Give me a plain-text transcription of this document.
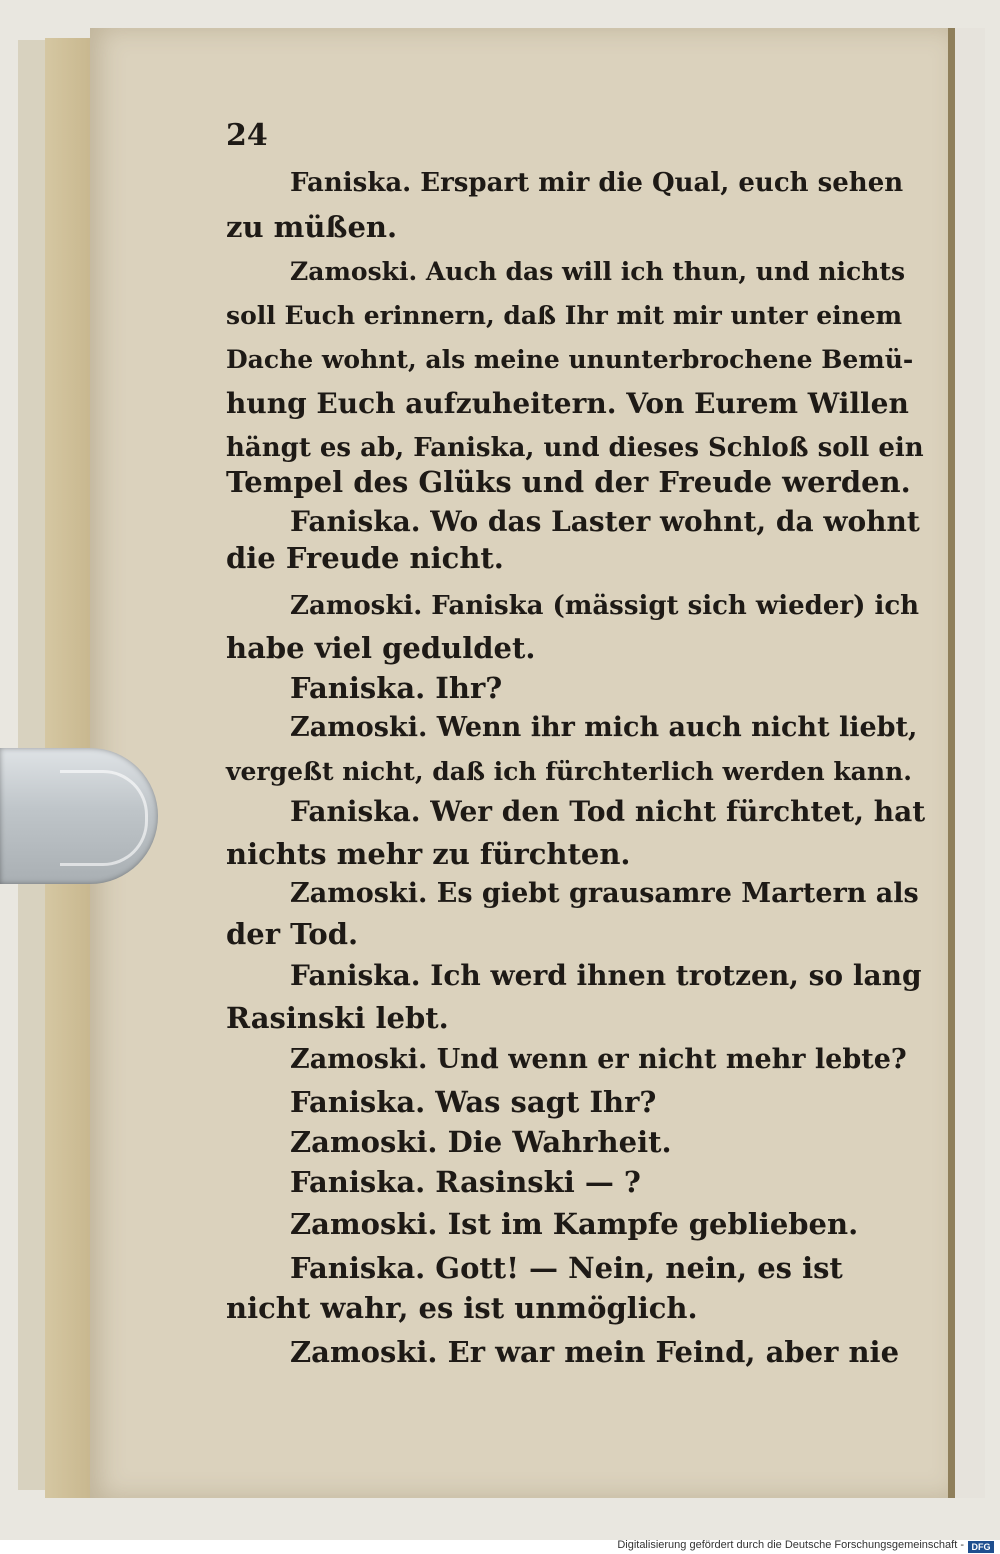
24

Faniska. Erspart mir die Qual, euch sehen

zu müßen.

Zamoski. Auch das will ich thun, und nichts

soll Euch erinnern, daß Ihr mit mir unter einem

Dache wohnt, als meine ununterbrochene Bemü-

hung Euch aufzuheitern. Von Eurem Willen

hängt es ab, Faniska, und dieses Schloß soll ein

Tempel des Glüks und der Freude werden.

Faniska. Wo das Laster wohnt, da wohnt

die Freude nicht.

Zamoski. Faniska (mässigt sich wieder) ich

habe viel geduldet.

Faniska. Ihr?

Zamoski. Wenn ihr mich auch nicht liebt,

vergeßt nicht, daß ich fürchterlich werden kann.

Faniska. Wer den Tod nicht fürchtet, hat

nichts mehr zu fürchten.

Zamoski. Es giebt grausamre Martern als

der Tod.

Faniska. Ich werd ihnen trotzen, so lang

Rasinski lebt.

Zamoski. Und wenn er nicht mehr lebte?

Faniska. Was sagt Ihr?

Zamoski. Die Wahrheit.

Faniska. Rasinski — ?

Zamoski. Ist im Kampfe geblieben.

Faniska. Gott! — Nein, nein, es ist

nicht wahr, es ist unmöglich.

Zamoski. Er war mein Feind, aber nie

Digitalisierung gefördert durch die Deutsche Forschungsgemeinschaft - DFG
